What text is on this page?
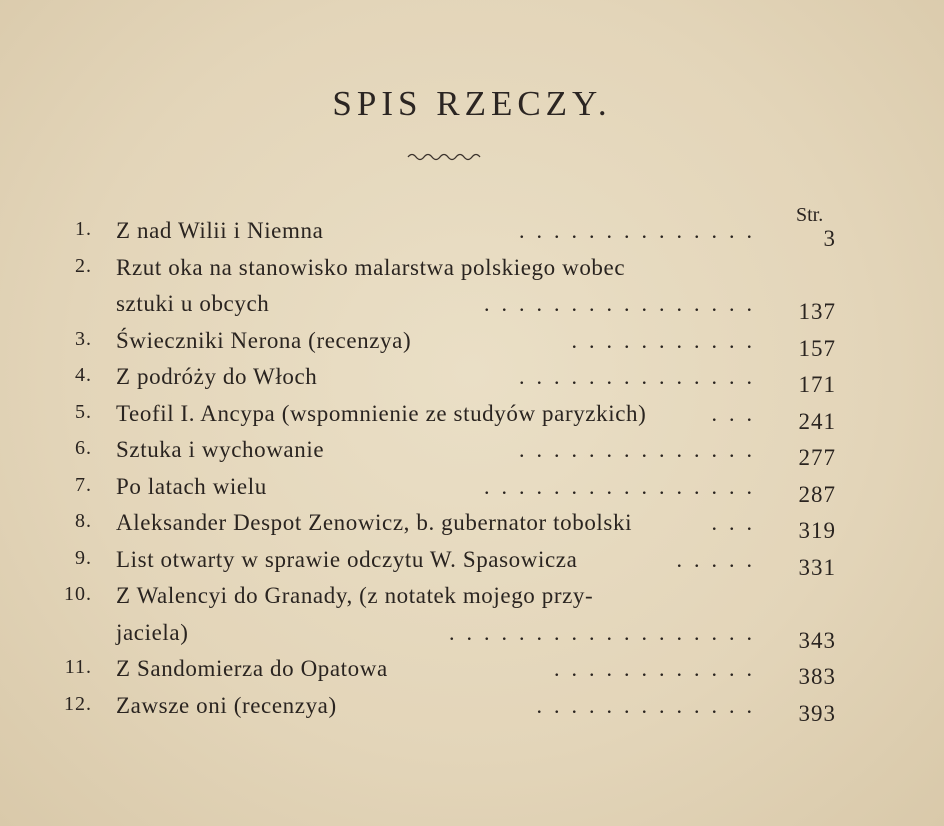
SPIS RZECZY.
Str.
1. Z nad Wilii i Niemna	3
..............
2. Rzut oka na stanowisko malarstwa polskiego wobec
sztuki u obcych	137
................
3. Świeczniki Nerona (recenzya)	157
...........
4. Z podróży do Włoch	171
..............
5. Teofil I. Ancypa (wspomnienie ze studyów paryzkich)	241
...
6. Sztuka i wychowanie	277
..............
7. Po latach wielu	287
................
8. Aleksander Despot Zenowicz, b. gubernator tobolski	319
...
9. List otwarty w sprawie odczytu W. Spasowicza	331
.....
10. Z Walencyi do Granady, (z notatek mojego przy-
jaciela)	343
..................
11. Z Sandomierza do Opatowa	383
............
12. Zawsze oni (recenzya)	393
.............
